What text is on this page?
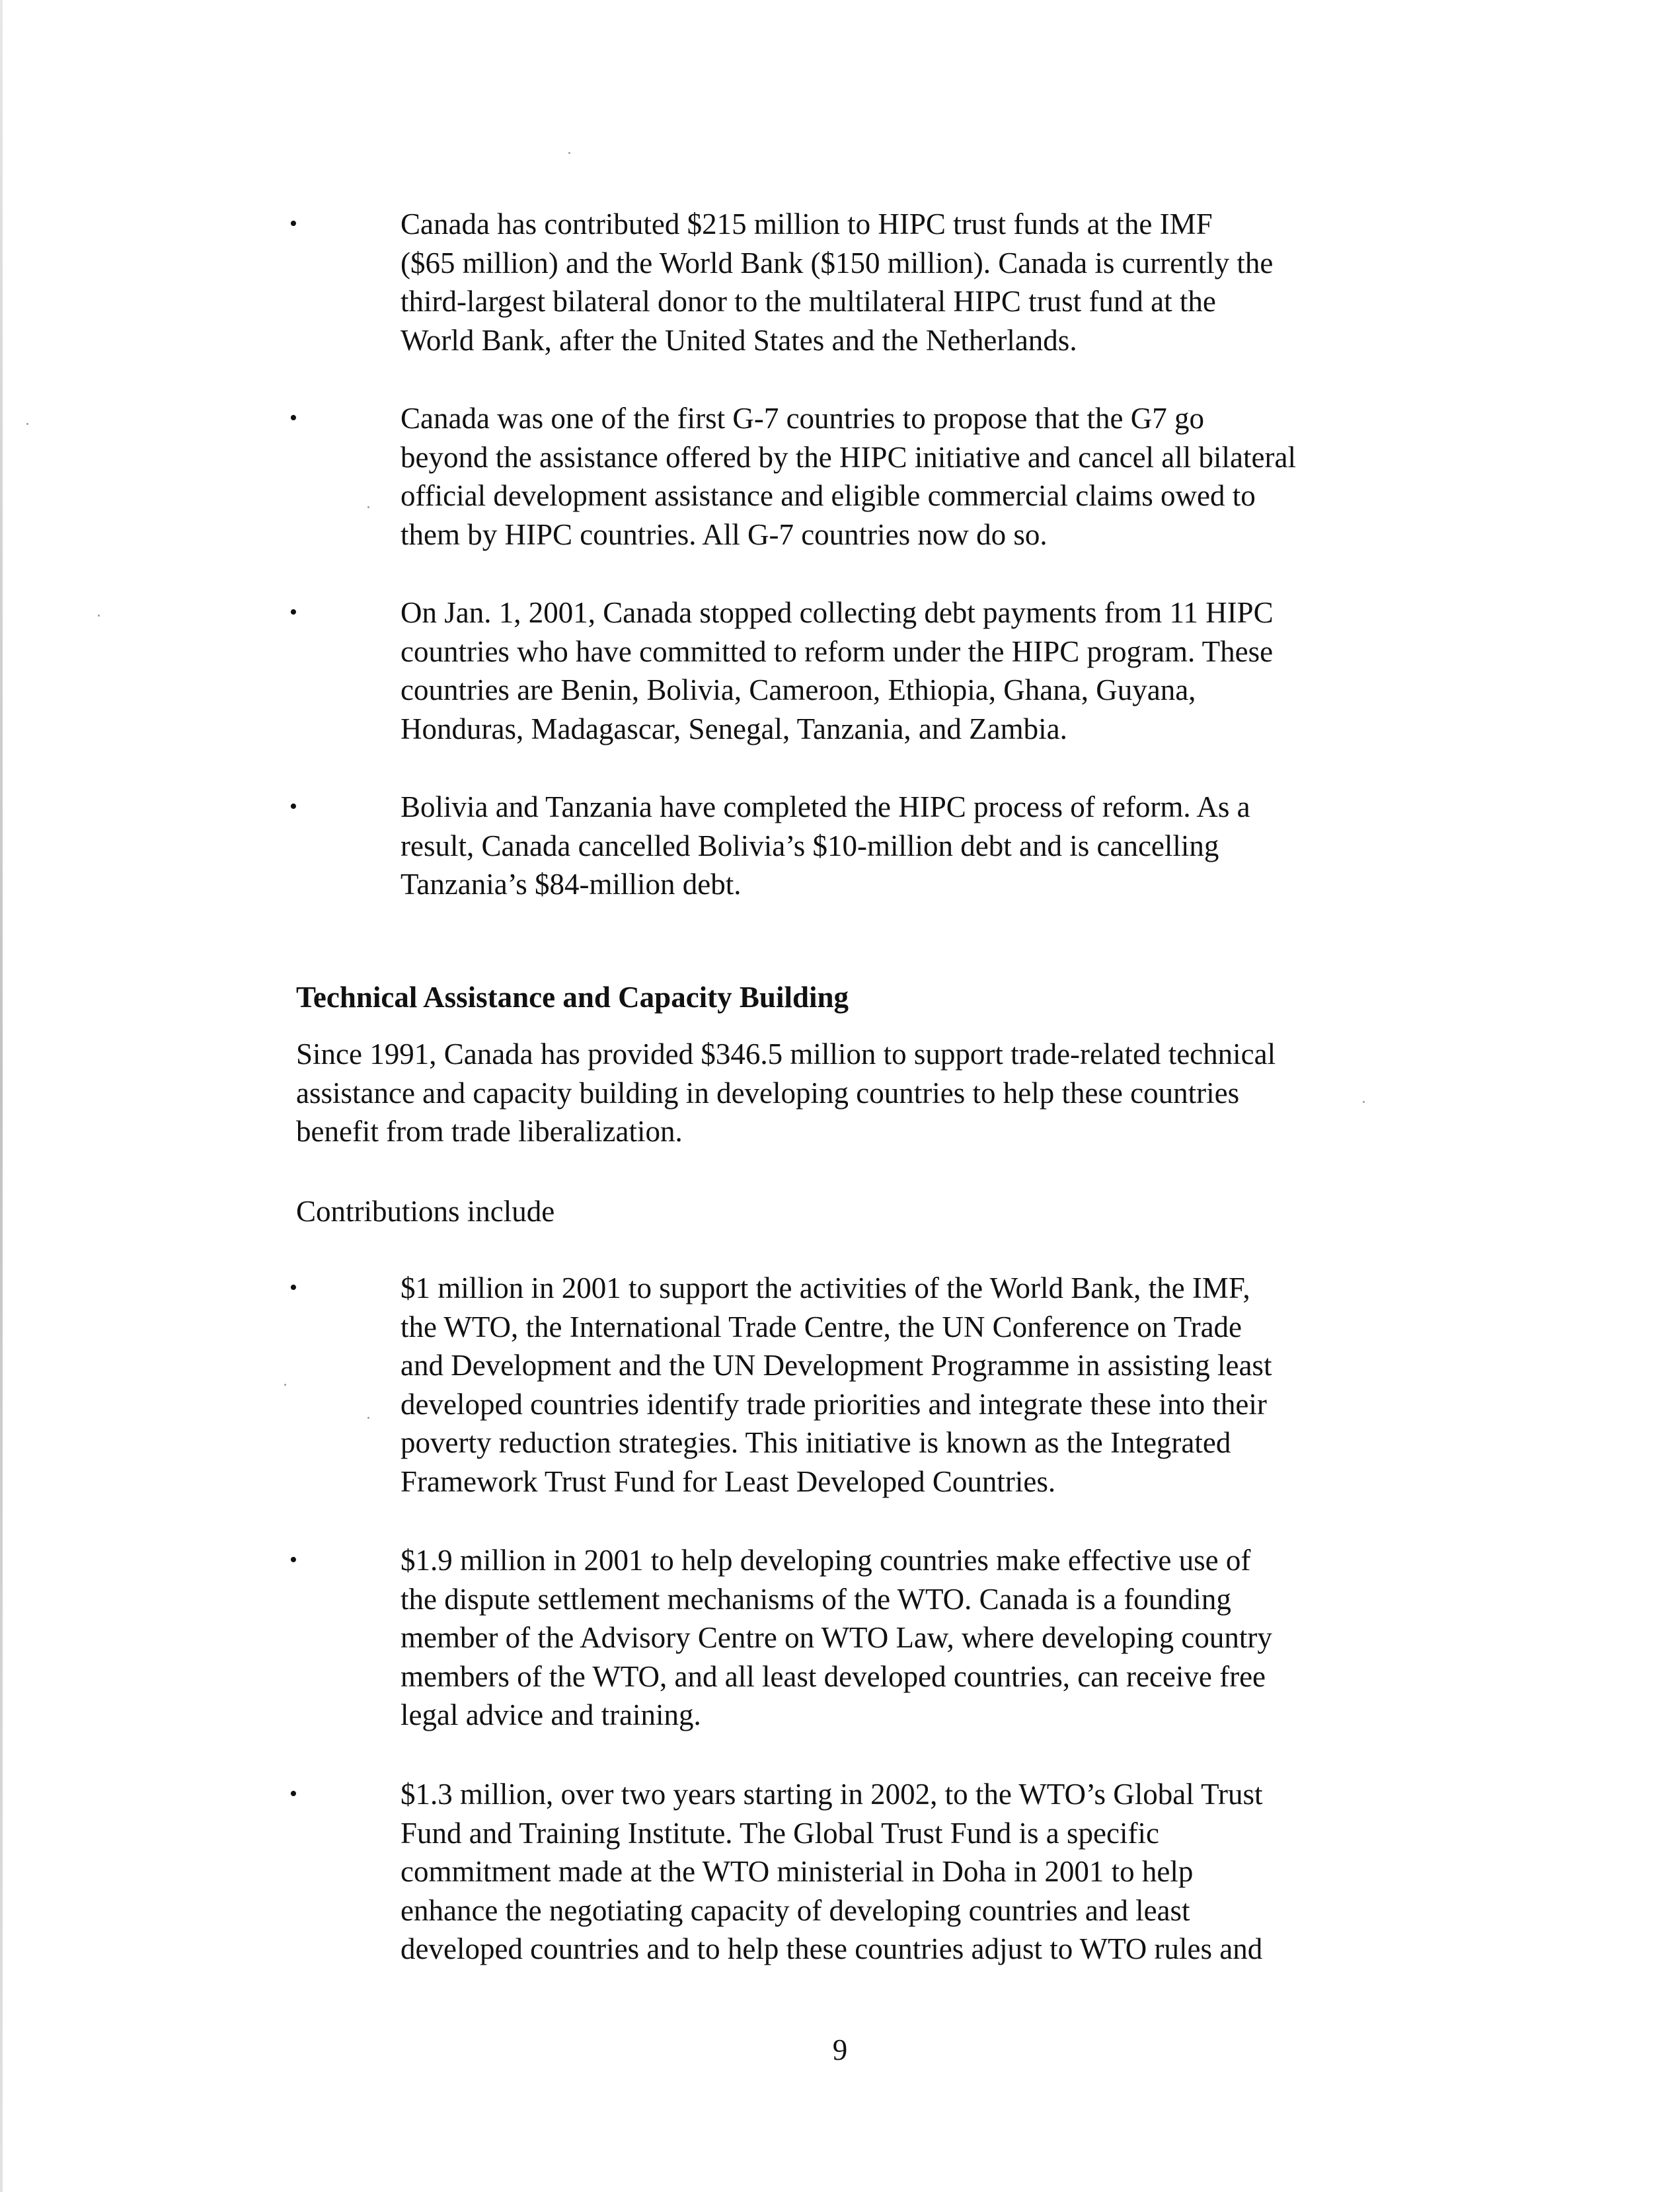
•	Canada has contributed $215 million to HIPC trust funds at the IMF
($65 million) and the World Bank ($150 million). Canada is currently the
third-largest bilateral donor to the multilateral HIPC trust fund at the
World Bank, after the United States and the Netherlands.
•	Canada was one of the first G-7 countries to propose that the G7 go
beyond the assistance offered by the HIPC initiative and cancel all bilateral
official development assistance and eligible commercial claims owed to
them by HIPC countries. All G-7 countries now do so.
•	On Jan. 1, 2001, Canada stopped collecting debt payments from 11 HIPC
countries who have committed to reform under the HIPC program. These
countries are Benin, Bolivia, Cameroon, Ethiopia, Ghana, Guyana,
Honduras, Madagascar, Senegal, Tanzania, and Zambia.
•	Bolivia and Tanzania have completed the HIPC process of reform. As a
result, Canada cancelled Bolivia’s $10-million debt and is cancelling
Tanzania’s $84-million debt.
Technical Assistance and Capacity Building
Since 1991, Canada has provided $346.5 million to support trade-related technical
assistance and capacity building in developing countries to help these countries
benefit from trade liberalization.
Contributions include
•	$1 million in 2001 to support the activities of the World Bank, the IMF,
the WTO, the International Trade Centre, the UN Conference on Trade
and Development and the UN Development Programme in assisting least
developed countries identify trade priorities and integrate these into their
poverty reduction strategies. This initiative is known as the Integrated
Framework Trust Fund for Least Developed Countries.
•	$1.9 million in 2001 to help developing countries make effective use of
the dispute settlement mechanisms of the WTO. Canada is a founding
member of the Advisory Centre on WTO Law, where developing country
members of the WTO, and all least developed countries, can receive free
legal advice and training.
•	$1.3 million, over two years starting in 2002, to the WTO’s Global Trust
Fund and Training Institute. The Global Trust Fund is a specific
commitment made at the WTO ministerial in Doha in 2001 to help
enhance the negotiating capacity of developing countries and least
developed countries and to help these countries adjust to WTO rules and
9
